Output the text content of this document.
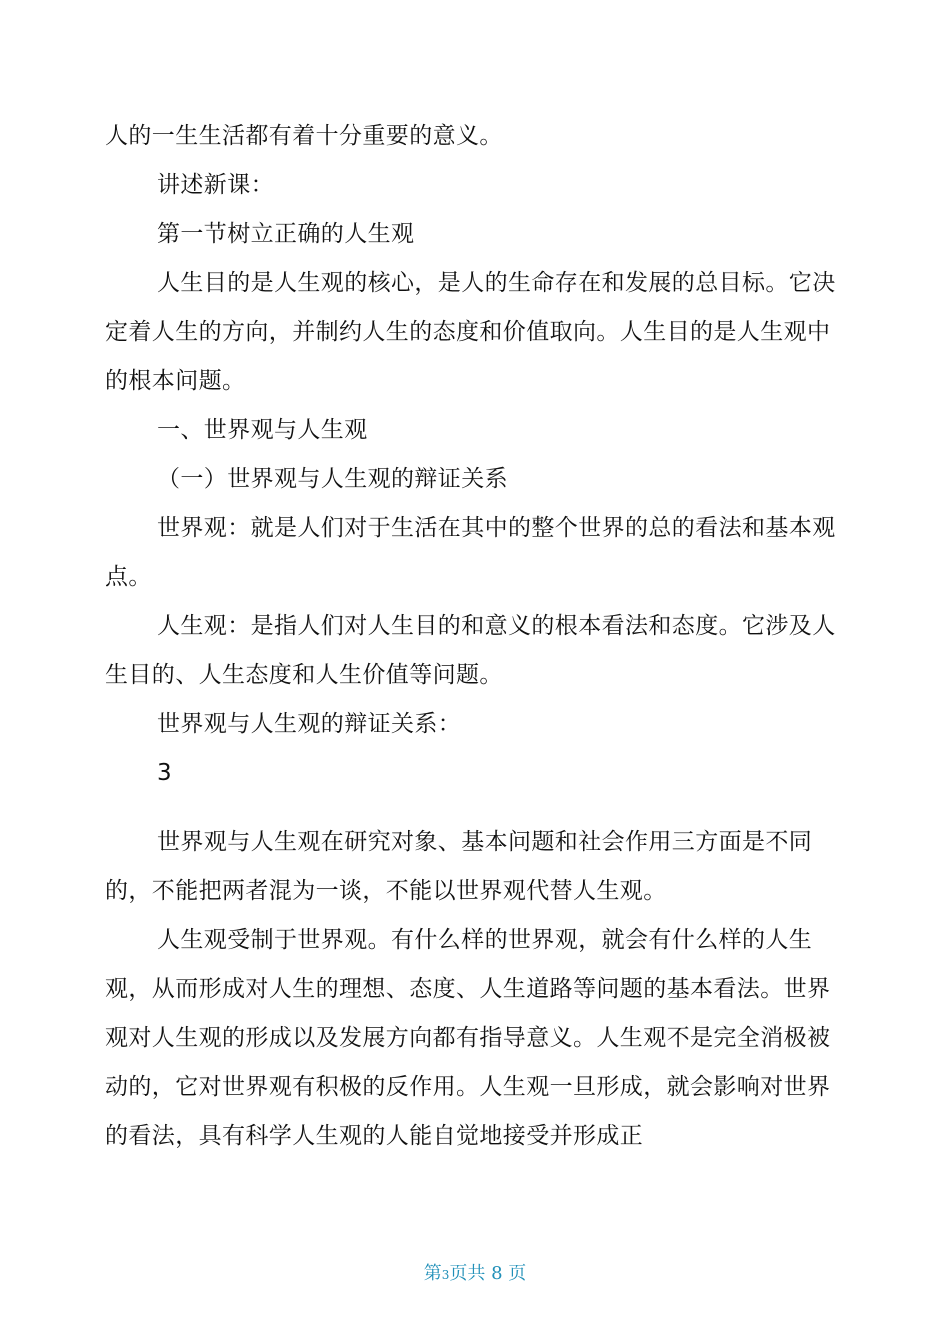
人的一生生活都有着十分重要的意义。

讲述新课：

第一节树立正确的人生观

人生目的是人生观的核心，是人的生命存在和发展的总目标。它决定着人生的方向，并制约人生的态度和价值取向。人生目的是人生观中的根本问题。

一、世界观与人生观

（一）世界观与人生观的辩证关系

世界观：就是人们对于生活在其中的整个世界的总的看法和基本观点。

人生观：是指人们对人生目的和意义的根本看法和态度。它涉及人生目的、人生态度和人生价值等问题。

世界观与人生观的辩证关系：

3

世界观与人生观在研究对象、基本问题和社会作用三方面是不同的，不能把两者混为一谈，不能以世界观代替人生观。

人生观受制于世界观。有什么样的世界观，就会有什么样的人生观，从而形成对人生的理想、态度、人生道路等问题的基本看法。世界观对人生观的形成以及发展方向都有指导意义。人生观不是完全消极被动的，它对世界观有积极的反作用。人生观一旦形成，就会影响对世界的看法，具有科学人生观的人能自觉地接受并形成正

第3页共 8 页
